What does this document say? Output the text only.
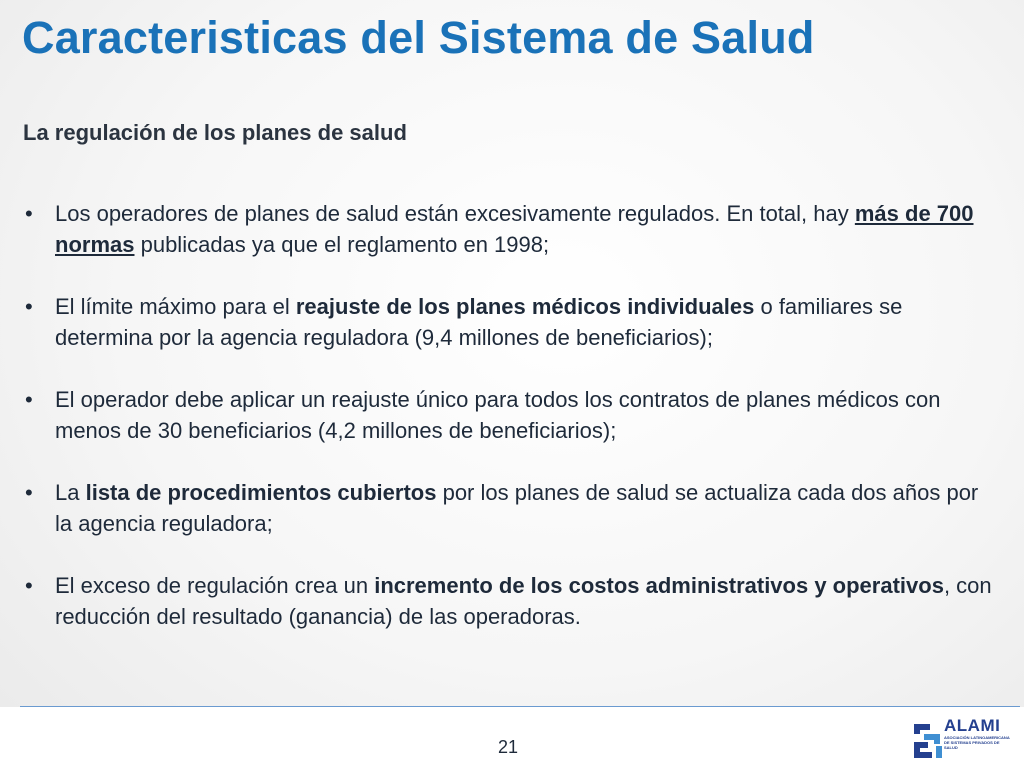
Caracteristicas del Sistema de Salud
La regulación de los planes de salud
• Los operadores de planes de salud están excesivamente regulados. En total, hay más de 700 normas publicadas ya que el reglamento en 1998;
• El límite máximo para el reajuste de los planes médicos individuales o familiares se determina por la agencia reguladora (9,4 millones de beneficiarios);
• El operador debe aplicar un reajuste único para todos los contratos de planes médicos con menos de 30 beneficiarios (4,2 millones de beneficiarios);
• La lista de procedimientos cubiertos por los planes de salud se actualiza cada dos años por la agencia reguladora;
• El exceso de regulación crea un incremento de los costos administrativos y operativos, con reducción del resultado (ganancia) de las operadoras.
21
ALAMI
ASOCIACIÓN LATINOAMERICANA
DE SISTEMAS PRIVADOS DE SALUD
